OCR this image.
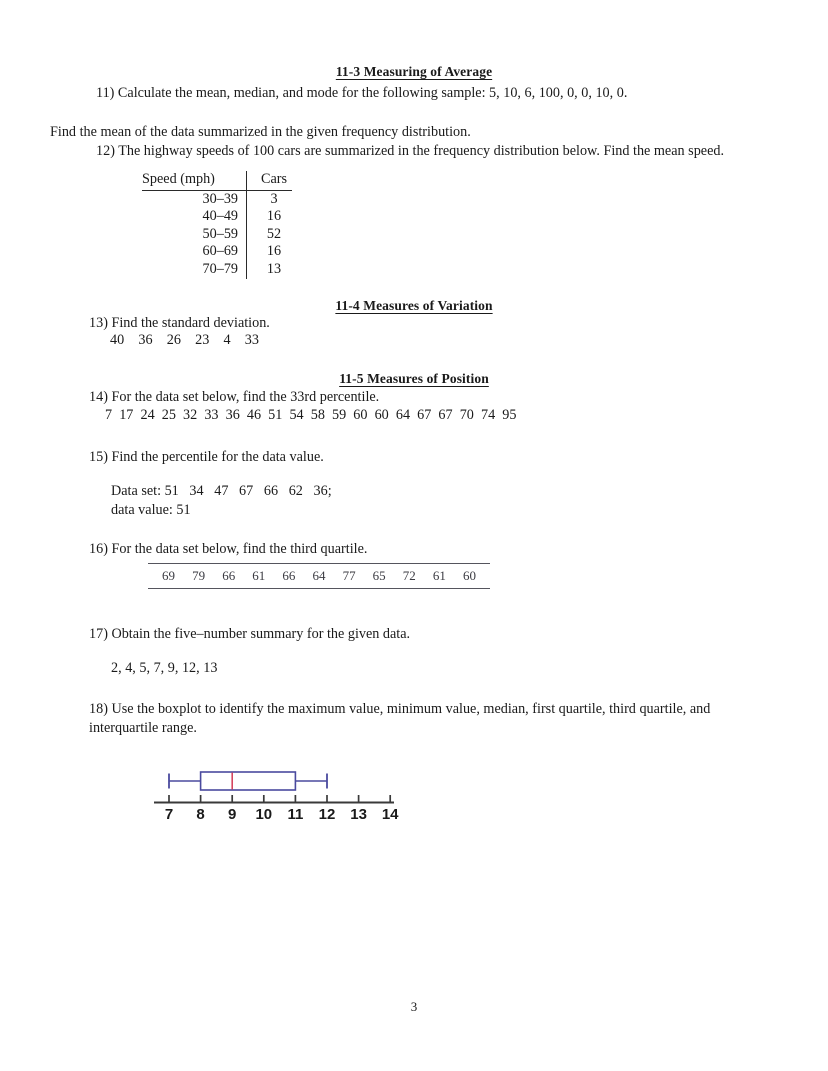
11-3 Measuring of Average
11) Calculate the mean, median, and mode for the following sample: 5, 10, 6, 100, 0, 0, 10, 0.
Find the mean of the data summarized in the given frequency distribution.
12) The highway speeds of 100 cars are summarized in the frequency distribution below. Find the mean speed.
Speed (mph)	Cars
30–39	3
40–49	16
50–59	52
60–69	16
70–79	13
11-4 Measures of Variation
13) Find the standard deviation.
40    36    26    23    4    33
11-5 Measures of Position
14) For the data set below, find the 33rd percentile.
7  17  24  25  32  33  36  46  51  54  58  59  60  60  64  67  67  70  74  95
15) Find the percentile for the data value.
Data set: 51   34   47   67   66   62   36;
data value: 51
16) For the data set below, find the third quartile.
69 79 66 61 66 64 77 65 72 61 60
17) Obtain the five–number summary for the given data.
2, 4, 5, 7, 9, 12, 13
18) Use the boxplot to identify the maximum value, minimum value, median, first quartile, third quartile, and interquartile range.
7 8 9 10 11 12 13 14
3
